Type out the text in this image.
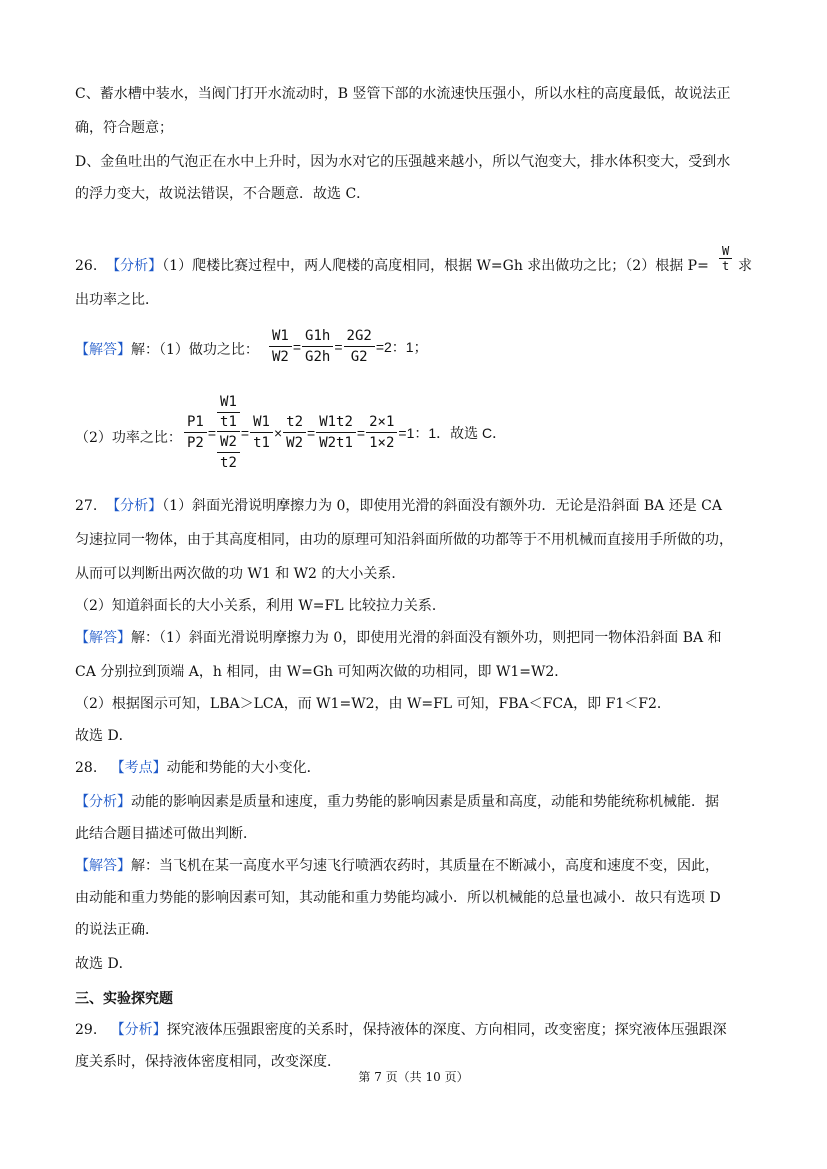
C、蓄水槽中装水，当阀门打开水流动时，B 竖管下部的水流速快压强小，所以水柱的高度最低，故说法正
确，符合题意；
D、金鱼吐出的气泡正在水中上升时，因为水对它的压强越来越小，所以气泡变大，排水体积变大，受到水
的浮力变大，故说法错误，不合题意．故选 C．
26. 【分析】（1）爬楼比赛过程中，两人爬楼的高度相同，根据 W=Gh 求出做功之比；（2）根据 $P= \frac{W}{t}$ 求
出功率之比．
【解答】解：（1）做功之比： $\frac{W1}{W2} = \frac{G1h}{G2h} = \frac{2G2}{G2} =2$：1；
（2）功率之比： $\frac{P1}{P2} = \frac{\frac{W1}{t1}}{\frac{W2}{t2}} = \frac{W1}{t1} \times \frac{t2}{W2} = \frac{W1t2}{W2t1} = \frac{2\times 1}{1\times 2} =1$：1．故选 C．
27. 【分析】（1）斜面光滑说明摩擦力为 0，即使用光滑的斜面没有额外功．无论是沿斜面 BA 还是 CA
匀速拉同一物体，由于其高度相同，由功的原理可知沿斜面所做的功都等于不用机械而直接用手所做的功，
从而可以判断出两次做的功 W1 和 W2 的大小关系．
（2）知道斜面长的大小关系，利用 W=FL 比较拉力关系．
【解答】解：（1）斜面光滑说明摩擦力为 0，即使用光滑的斜面没有额外功，则把同一物体沿斜面 BA 和
CA 分别拉到顶端 A，h 相同，由 W=Gh 可知两次做的功相同，即 W1=W2．
（2）根据图示可知，LBA＞LCA，而 W1=W2，由 W=FL 可知，FBA＜FCA，即 F1＜F2．
故选 D．
28. 【考点】动能和势能的大小变化．
【分析】动能的影响因素是质量和速度，重力势能的影响因素是质量和高度，动能和势能统称机械能．据
此结合题目描述可做出判断．
【解答】解：当飞机在某一高度水平匀速飞行喷洒农药时，其质量在不断减小，高度和速度不变，因此，
由动能和重力势能的影响因素可知，其动能和重力势能均减小．所以机械能的总量也减小．故只有选项 D
的说法正确．
故选 D．
三、实验探究题
29. 【分析】探究液体压强跟密度的关系时，保持液体的深度、方向相同，改变密度；探究液体压强跟深
度关系时，保持液体密度相同，改变深度．
第 7 页（共 10 页）
